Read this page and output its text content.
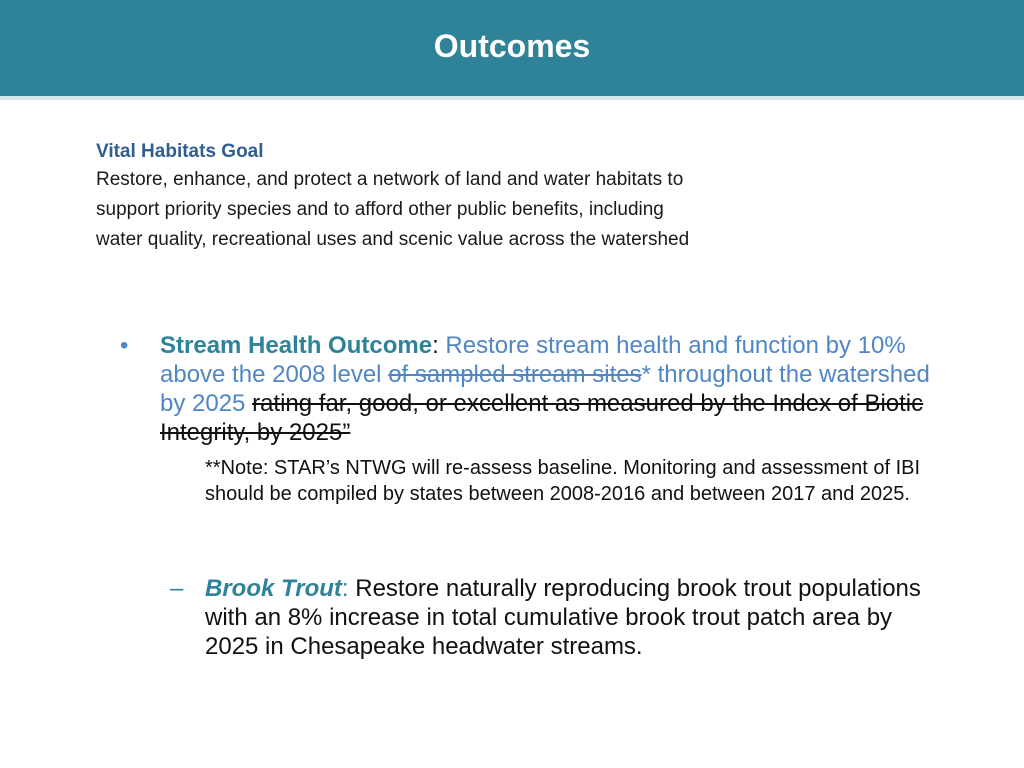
Outcomes
Vital Habitats Goal
Restore, enhance, and protect a network of land and water habitats to
support priority species and to afford other public benefits, including
water quality, recreational uses and scenic value across the watershed
•	Stream Health Outcome: Restore stream health and function by 10% above the 2008 level of sampled stream sites* throughout the watershed by 2025 rating far, good, or excellent as measured by the Index of Biotic Integrity, by 2025”
**Note: STAR’s NTWG will re-assess baseline. Monitoring and assessment of IBI should be compiled by states between 2008-2016 and between 2017 and 2025.
– Brook Trout: Restore naturally reproducing brook trout populations with an 8% increase in total cumulative brook trout patch area by 2025 in Chesapeake headwater streams.
